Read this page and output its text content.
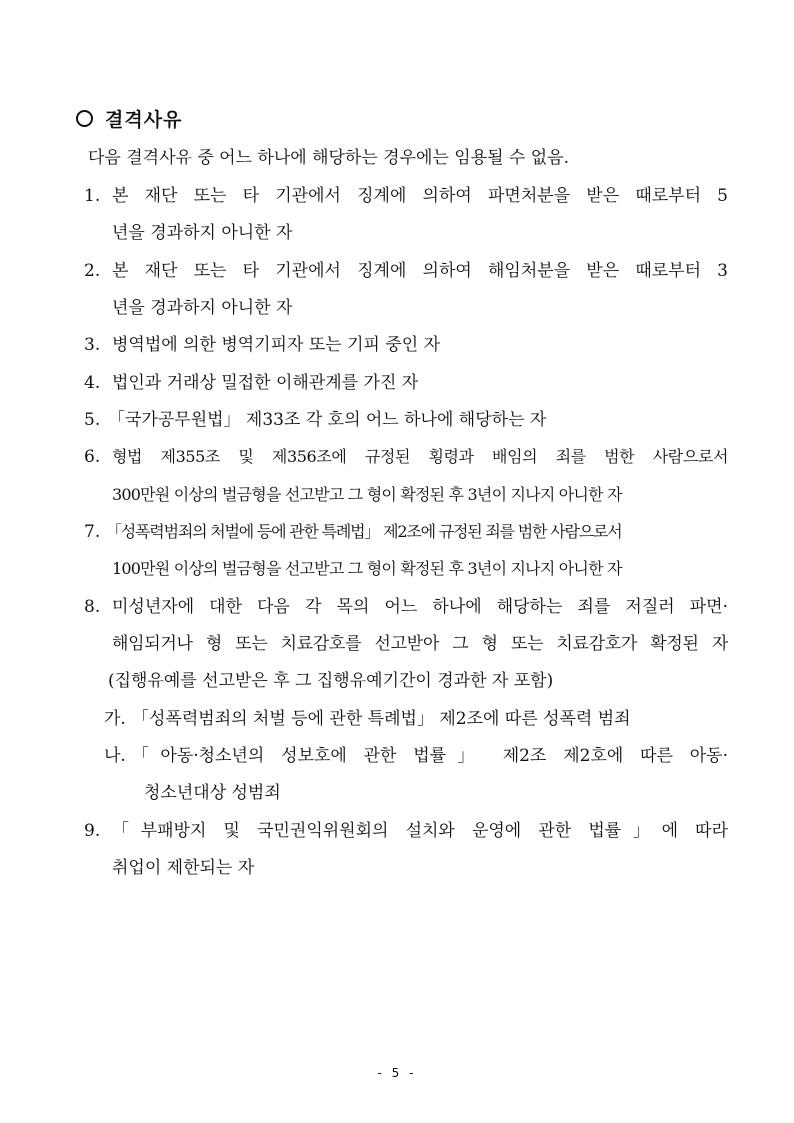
결격사유
다음 결격사유 중 어느 하나에 해당하는 경우에는 임용될 수 없음.
1. 본 재단 또는 타 기관에서 징계에 의하여 파면처분을 받은 때로부터 5
년을 경과하지 아니한 자
2. 본 재단 또는 타 기관에서 징계에 의하여 해임처분을 받은 때로부터 3
년을 경과하지 아니한 자
3. 병역법에 의한 병역기피자 또는 기피 중인 자
4. 법인과 거래상 밀접한 이해관계를 가진 자
5. 「국가공무원법」 제33조 각 호의 어느 하나에 해당하는 자
6. 형법 제355조 및 제356조에 규정된 횡령과 배임의 죄를 범한 사람으로서
300만원 이상의 벌금형을 선고받고 그 형이 확정된 후 3년이 지나지 아니한 자
7. 「성폭력범죄의 처벌에 등에 관한 특례법」 제2조에 규정된 죄를 범한 사람으로서
100만원 이상의 벌금형을 선고받고 그 형이 확정된 후 3년이 지나지 아니한 자
8. 미성년자에 대한 다음 각 목의 어느 하나에 해당하는 죄를 저질러 파면·
해임되거나 형 또는 치료감호를 선고받아 그 형 또는 치료감호가 확정된 자
(집행유예를 선고받은 후 그 집행유예기간이 경과한 자 포함)
가. 「성폭력범죄의 처벌 등에 관한 특례법」 제2조에 따른 성폭력 범죄
나. 「아동·청소년의 성보호에 관한 법률」 제2조 제2호에 따른 아동·
청소년대상 성범죄
9. 「부패방지 및 국민권익위원회의 설치와 운영에 관한 법률」에 따라
취업이 제한되는 자
- 5 -
